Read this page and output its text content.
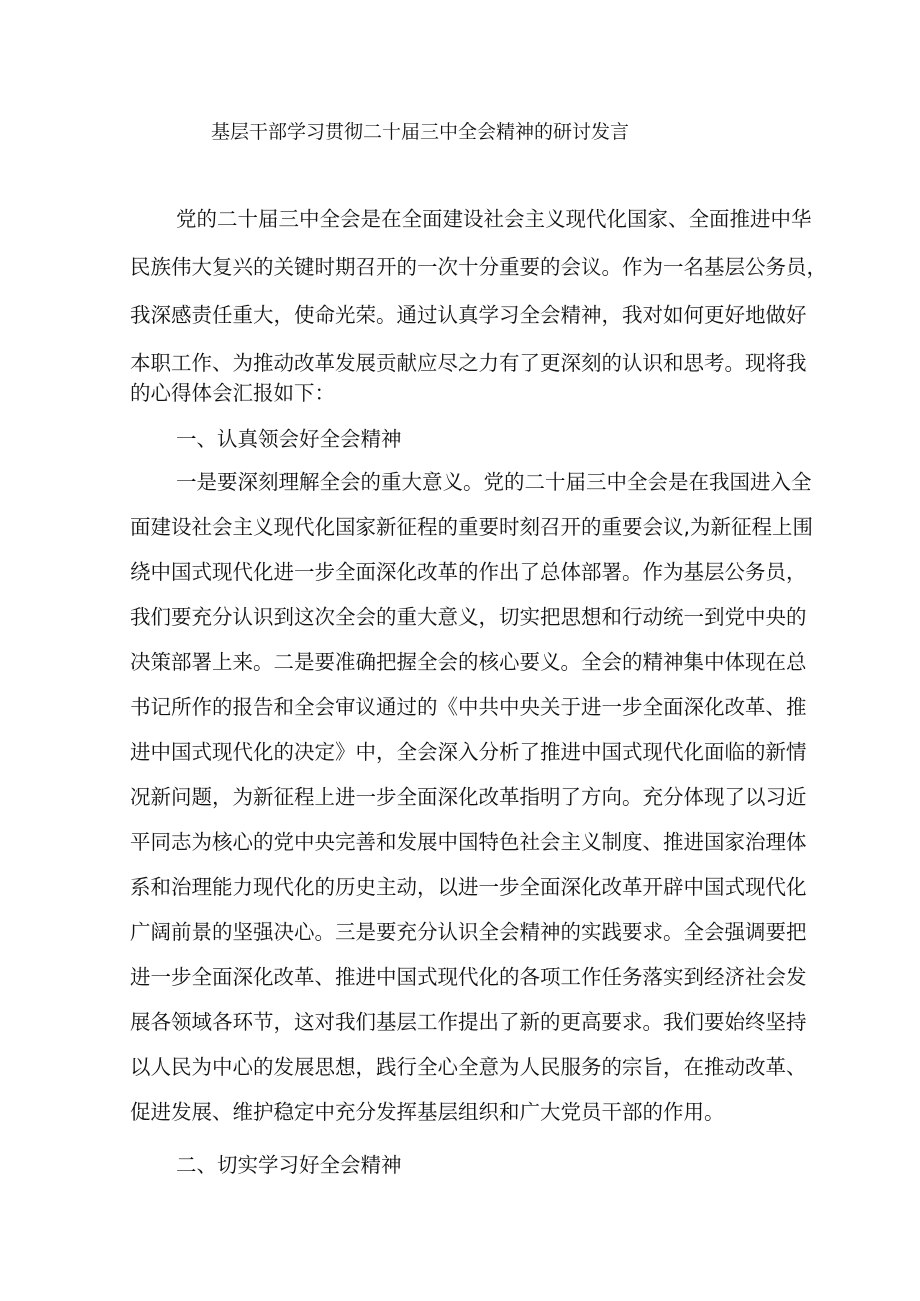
基层干部学习贯彻二十届三中全会精神的研讨发言
党的二十届三中全会是在全面建设社会主义现代化国家、全面推进中华
民族伟大复兴的关键时期召开的一次十分重要的会议。作为一名基层公务员，
我深感责任重大，使命光荣。通过认真学习全会精神，我对如何更好地做好
本职工作、为推动改革发展贡献应尽之力有了更深刻的认识和思考。现将我
的心得体会汇报如下：
一、认真领会好全会精神
一是要深刻理解全会的重大意义。党的二十届三中全会是在我国进入全
面建设社会主义现代化国家新征程的重要时刻召开的重要会议,为新征程上围
绕中国式现代化进一步全面深化改革的作出了总体部署。作为基层公务员，
我们要充分认识到这次全会的重大意义，切实把思想和行动统一到党中央的
决策部署上来。二是要准确把握全会的核心要义。全会的精神集中体现在总
书记所作的报告和全会审议通过的《中共中央关于进一步全面深化改革、推
进中国式现代化的决定》中，全会深入分析了推进中国式现代化面临的新情
况新问题，为新征程上进一步全面深化改革指明了方向。充分体现了以习近
平同志为核心的党中央完善和发展中国特色社会主义制度、推进国家治理体
系和治理能力现代化的历史主动，以进一步全面深化改革开辟中国式现代化
广阔前景的坚强决心。三是要充分认识全会精神的实践要求。全会强调要把
进一步全面深化改革、推进中国式现代化的各项工作任务落实到经济社会发
展各领域各环节，这对我们基层工作提出了新的更高要求。我们要始终坚持
以人民为中心的发展思想，践行全心全意为人民服务的宗旨，在推动改革、
促进发展、维护稳定中充分发挥基层组织和广大党员干部的作用。
二、切实学习好全会精神
